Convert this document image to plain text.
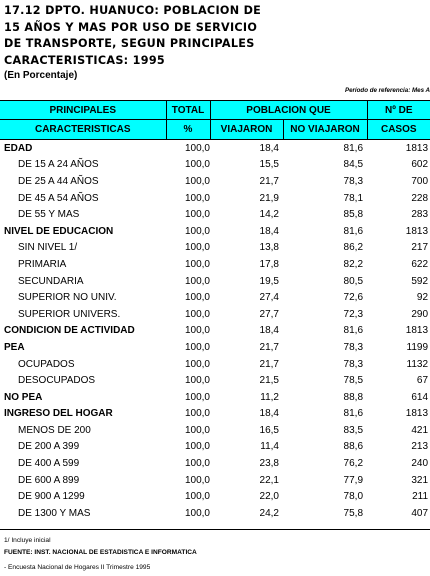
17.12 DPTO. HUANUCO: POBLACION DE
15 AÑOS Y MAS POR USO DE SERVICIO
DE TRANSPORTE, SEGUN PRINCIPALES
CARACTERISTICAS: 1995
(En Porcentaje)
Período de referencia: Mes A
PRINCIPALES	TOTAL	POBLACION QUE		Nº DE
CARACTERISTICAS	%	VIAJARON	NO VIAJARON	CASOS
EDAD	100,0	18,4	81,6	1813
DE 15 A 24 AÑOS	100,0	15,5	84,5	602
DE 25 A 44 AÑOS	100,0	21,7	78,3	700
DE 45 A 54 AÑOS	100,0	21,9	78,1	228
DE 55 Y MAS	100,0	14,2	85,8	283
NIVEL DE EDUCACION	100,0	18,4	81,6	1813
SIN NIVEL 1/	100,0	13,8	86,2	217
PRIMARIA	100,0	17,8	82,2	622
SECUNDARIA	100,0	19,5	80,5	592
SUPERIOR NO UNIV.	100,0	27,4	72,6	92
SUPERIOR UNIVERS.	100,0	27,7	72,3	290
CONDICION DE ACTIVIDAD	100,0	18,4	81,6	1813
PEA	100,0	21,7	78,3	1199
OCUPADOS	100,0	21,7	78,3	1132
DESOCUPADOS	100,0	21,5	78,5	67
NO PEA	100,0	11,2	88,8	614
INGRESO DEL HOGAR	100,0	18,4	81,6	1813
MENOS DE 200	100,0	16,5	83,5	421
DE 200 A 399	100,0	11,4	88,6	213
DE 400 A 599	100,0	23,8	76,2	240
DE 600 A 899	100,0	22,1	77,9	321
DE 900 A 1299	100,0	22,0	78,0	211
DE 1300 Y MAS	100,0	24,2	75,8	407
1/ Incluye inicial
FUENTE: INST. NACIONAL DE ESTADISTICA E INFORMATICA
- Encuesta Nacional de Hogares II Trimestre 1995
